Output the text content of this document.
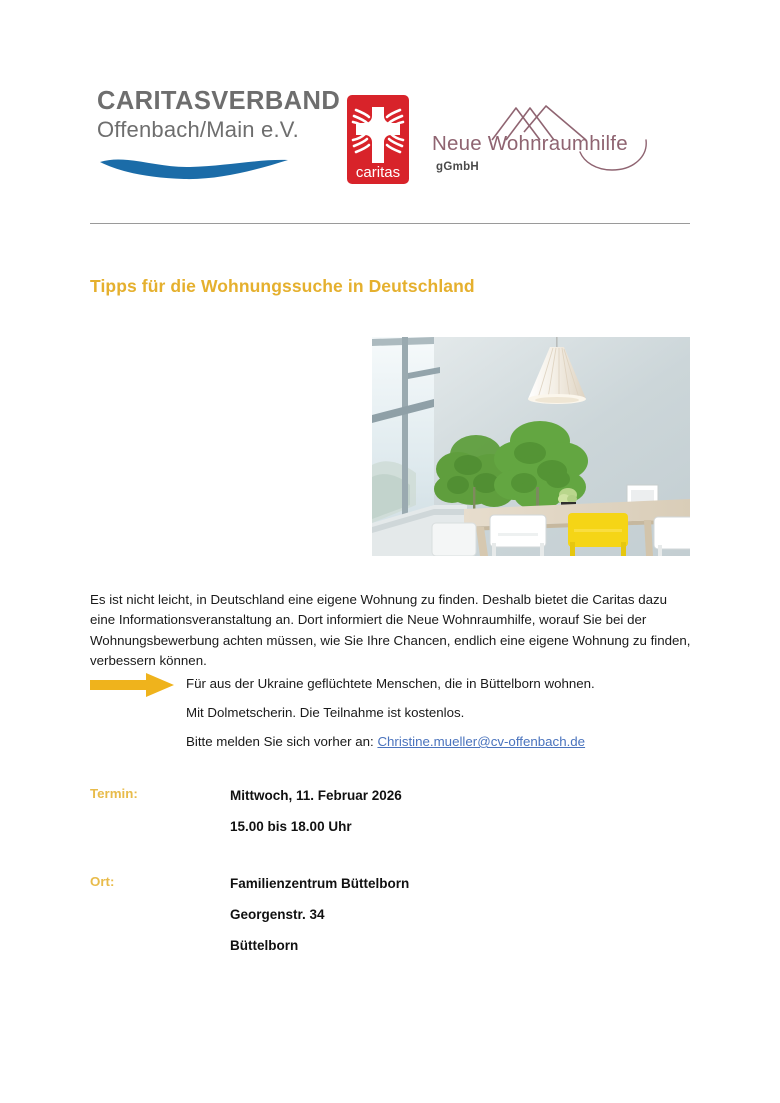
CARITASVERBAND
Offenbach/Main e.V.
caritas
Neue Wohnraumhilfe
gGmbH
Tipps für die Wohnungssuche in Deutschland
Es ist nicht leicht, in Deutschland eine eigene Wohnung zu finden. Deshalb bietet die Caritas dazu eine Informationsveranstaltung an. Dort informiert die Neue Wohnraumhilfe, worauf Sie bei der Wohnungsbewerbung achten müssen, wie Sie Ihre Chancen, endlich eine eigene Wohnung zu finden, verbessern können.
Für aus der Ukraine geflüchtete Menschen, die in Büttelborn wohnen.
Mit Dolmetscherin. Die Teilnahme ist kostenlos.
Bitte melden Sie sich vorher an: Christine.mueller@cv-offenbach.de
Termin:	Mittwoch, 11. Februar 2026
15.00 bis 18.00 Uhr
Ort:	Familienzentrum Büttelborn
Georgenstr. 34
Büttelborn
